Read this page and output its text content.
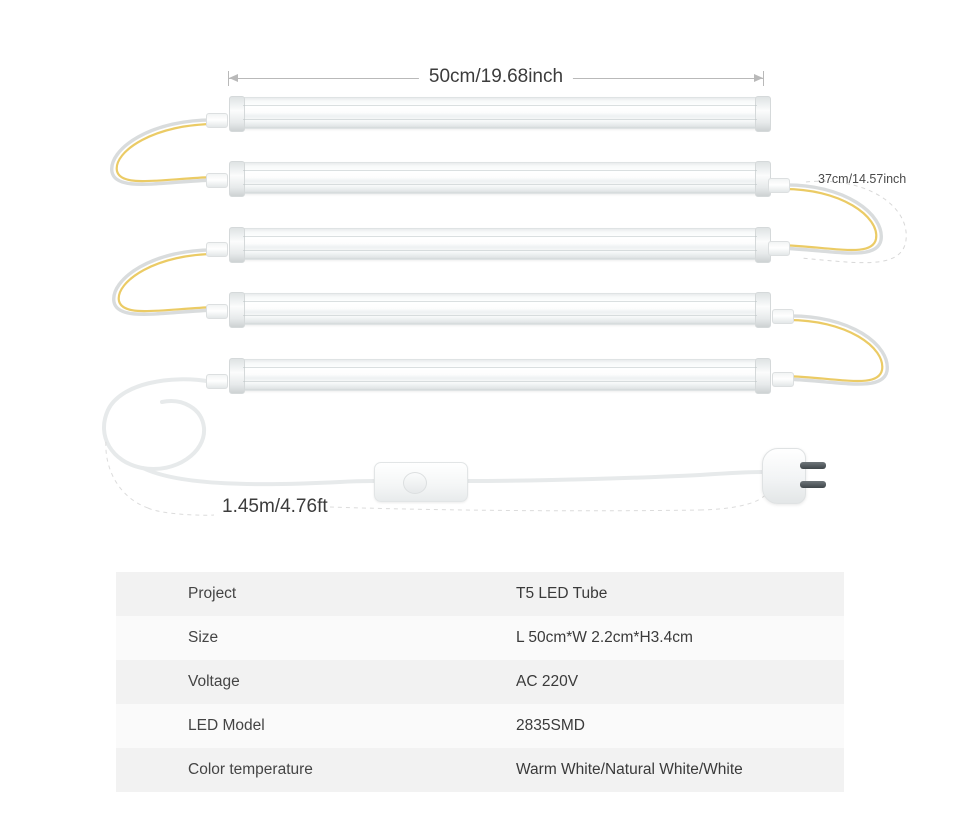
50cm/19.68inch
37cm/14.57inch
1.45m/4.76ft
Project	T5 LED Tube
Size	L 50cm*W 2.2cm*H3.4cm
Voltage	AC 220V
LED Model	2835SMD
Color temperature	Warm White/Natural White/White
